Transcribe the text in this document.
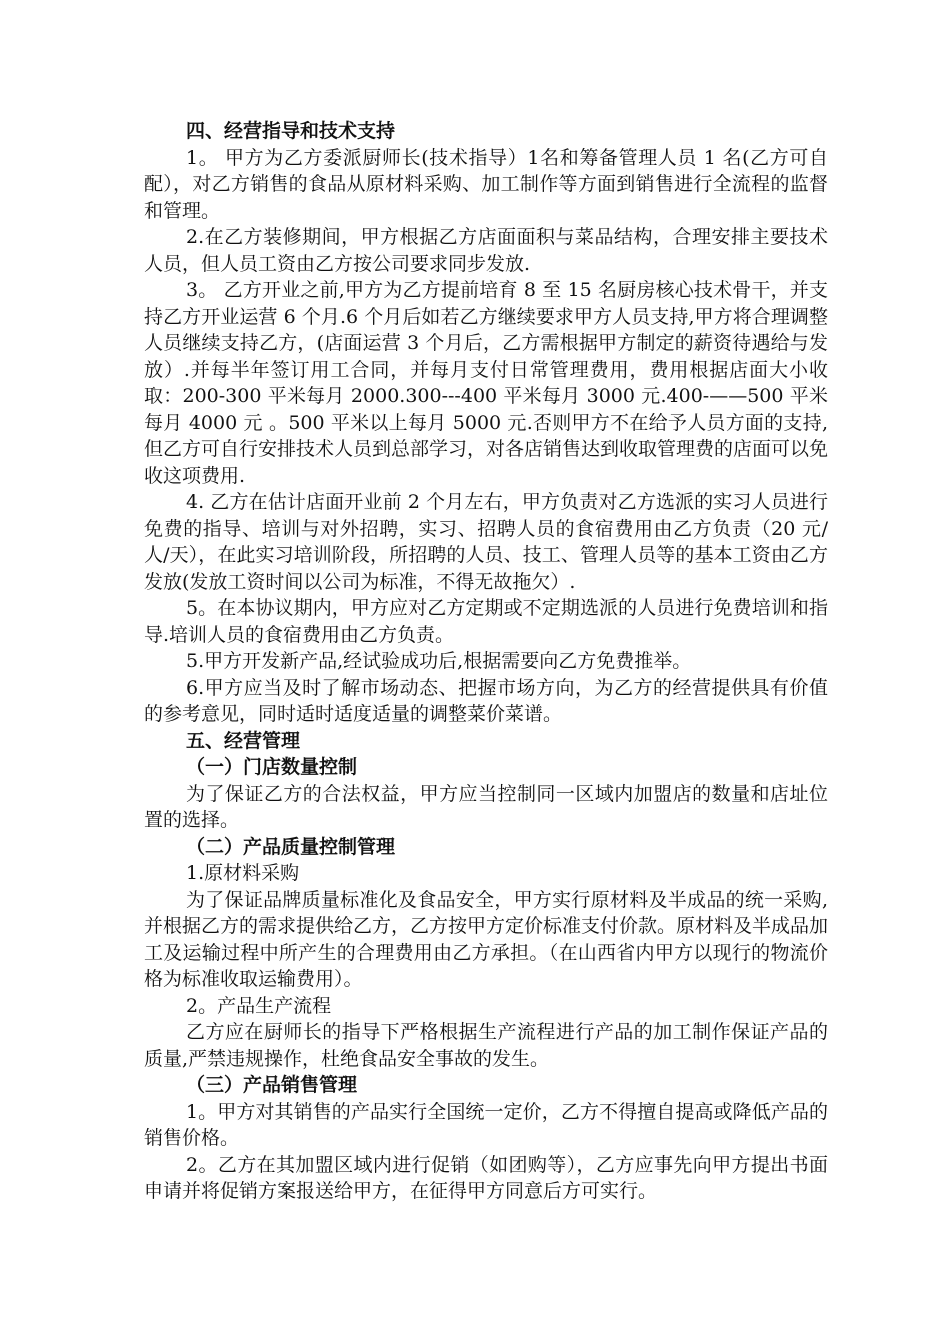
四、经营指导和技术支持
1。 甲方为乙方委派厨师长(技术指导）1名和筹备管理人员 1 名(乙方可自配），对乙方销售的食品从原材料采购、加工制作等方面到销售进行全流程的监督和管理。
2.在乙方装修期间，甲方根据乙方店面面积与菜品结构，合理安排主要技术人员，但人员工资由乙方按公司要求同步发放.
3。 乙方开业之前,甲方为乙方提前培育 8 至 15 名厨房核心技术骨干，并支持乙方开业运营 6 个月.6 个月后如若乙方继续要求甲方人员支持,甲方将合理调整人员继续支持乙方，(店面运营 3 个月后，乙方需根据甲方制定的薪资待遇给与发放）.并每半年签订用工合同，并每月支付日常管理费用，费用根据店面大小收取：200-300 平米每月 2000.300---400 平米每月 3000 元.400-——500 平米每月 4000 元 。500 平米以上每月 5000 元.否则甲方不在给予人员方面的支持,但乙方可自行安排技术人员到总部学习，对各店销售达到收取管理费的店面可以免收这项费用.
4. 乙方在估计店面开业前 2 个月左右，甲方负责对乙方选派的实习人员进行免费的指导、培训与对外招聘，实习、招聘人员的食宿费用由乙方负责（20 元/人/天），在此实习培训阶段，所招聘的人员、技工、管理人员等的基本工资由乙方发放(发放工资时间以公司为标准，不得无故拖欠）.
5。在本协议期内，甲方应对乙方定期或不定期选派的人员进行免费培训和指导.培训人员的食宿费用由乙方负责。
5.甲方开发新产品,经试验成功后,根据需要向乙方免费推举。
6.甲方应当及时了解市场动态、把握市场方向，为乙方的经营提供具有价值的参考意见，同时适时适度适量的调整菜价菜谱。
五、经营管理
（一）门店数量控制
为了保证乙方的合法权益，甲方应当控制同一区域内加盟店的数量和店址位置的选择。
（二）产品质量控制管理
1.原材料采购
为了保证品牌质量标准化及食品安全，甲方实行原材料及半成品的统一采购,并根据乙方的需求提供给乙方，乙方按甲方定价标准支付价款。原材料及半成品加工及运输过程中所产生的合理费用由乙方承担。（在山西省内甲方以现行的物流价格为标准收取运输费用）。
2。产品生产流程
乙方应在厨师长的指导下严格根据生产流程进行产品的加工制作保证产品的质量,严禁违规操作，杜绝食品安全事故的发生。
（三）产品销售管理
1。甲方对其销售的产品实行全国统一定价，乙方不得擅自提高或降低产品的销售价格。
2。乙方在其加盟区域内进行促销（如团购等），乙方应事先向甲方提出书面申请并将促销方案报送给甲方，在征得甲方同意后方可实行。
